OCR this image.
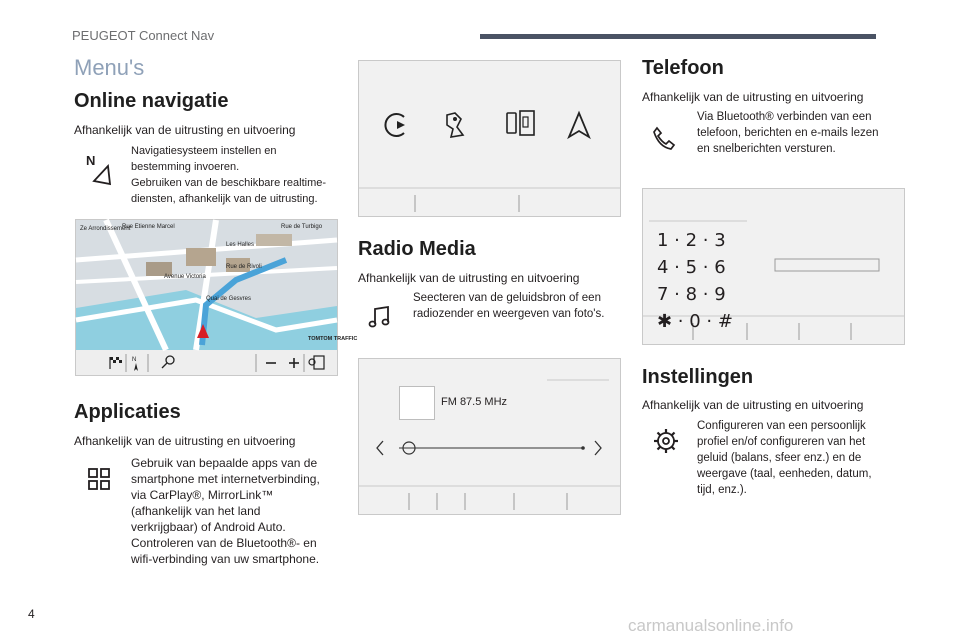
PEUGEOT Connect Nav
Menu's
Online navigatie
Afhankelijk van de uitrusting en uitvoering
N
Navigatiesysteem instellen en
bestemming invoeren.
Gebruiken van de beschikbare realtime-
diensten, afhankelijk van de uitrusting.
Ze Arrondissement
Rue Etienne Marcel	Rue de Turbigo
Les Halles
Rue de Rivoli
Avenue Victoria
Quai de Gesvres
TOMTOM TRAFFIC
N
Applicaties
Afhankelijk van de uitrusting en uitvoering
Gebruik van bepaalde apps van de
smartphone met internetverbinding,
via CarPlay®, MirrorLink™
(afhankelijk van het land
verkrijgbaar) of Android Auto.
Controleren van de Bluetooth®- en
wifi-verbinding van uw smartphone.
Radio Media
Afhankelijk van de uitrusting en uitvoering
Seecteren van de geluidsbron of een
radiozender en weergeven van foto's.
FM 87.5 MHz
Telefoon
Afhankelijk van de uitrusting en uitvoering
Via Bluetooth® verbinden van een
telefoon, berichten en e-mails lezen
en snelberichten versturen.
1 · 2 · 3
4 · 5 · 6
7 · 8 · 9
✱ · 0 · #
Instellingen
Afhankelijk van de uitrusting en uitvoering
Configureren van een persoonlijk
profiel en/of configureren van het
geluid (balans, sfeer enz.) en de
weergave (taal, eenheden, datum,
tijd, enz.).
4
carmanualsonline.info
